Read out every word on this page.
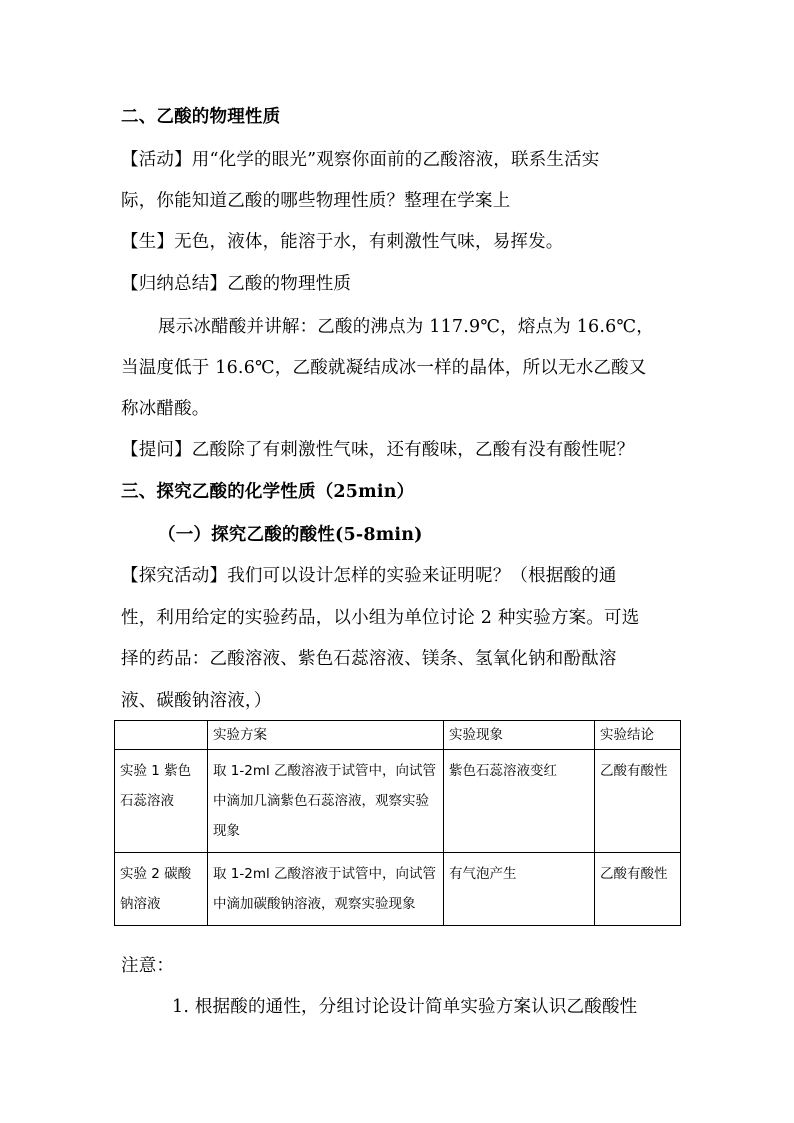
二、乙酸的物理性质
【活动】用“化学的眼光”观察你面前的乙酸溶液，联系生活实
际，你能知道乙酸的哪些物理性质？整理在学案上
【生】无色，液体，能溶于水，有刺激性气味，易挥发。
【归纳总结】乙酸的物理性质
展示冰醋酸并讲解：乙酸的沸点为 117.9℃，熔点为 16.6℃，
当温度低于 16.6℃，乙酸就凝结成冰一样的晶体，所以无水乙酸又
称冰醋酸。
【提问】乙酸除了有刺激性气味，还有酸味，乙酸有没有酸性呢？
三、探究乙酸的化学性质（25min）
（一）探究乙酸的酸性(5-8min)
【探究活动】我们可以设计怎样的实验来证明呢？（根据酸的通
性，利用给定的实验药品，以小组为单位讨论 2 种实验方案。可选
择的药品：乙酸溶液、紫色石蕊溶液、镁条、氢氧化钠和酚酞溶
液、碳酸钠溶液，）
	实验方案	实验现象	实验结论
实验 1 紫色石蕊溶液	取 1-2ml 乙酸溶液于试管中，向试管中滴加几滴紫色石蕊溶液，观察实验现象	紫色石蕊溶液变红	乙酸有酸性
实验 2 碳酸钠溶液	取 1-2ml 乙酸溶液于试管中，向试管中滴加碳酸钠溶液，观察实验现象	有气泡产生	乙酸有酸性
注意：
1. 根据酸的通性，分组讨论设计简单实验方案认识乙酸酸性
